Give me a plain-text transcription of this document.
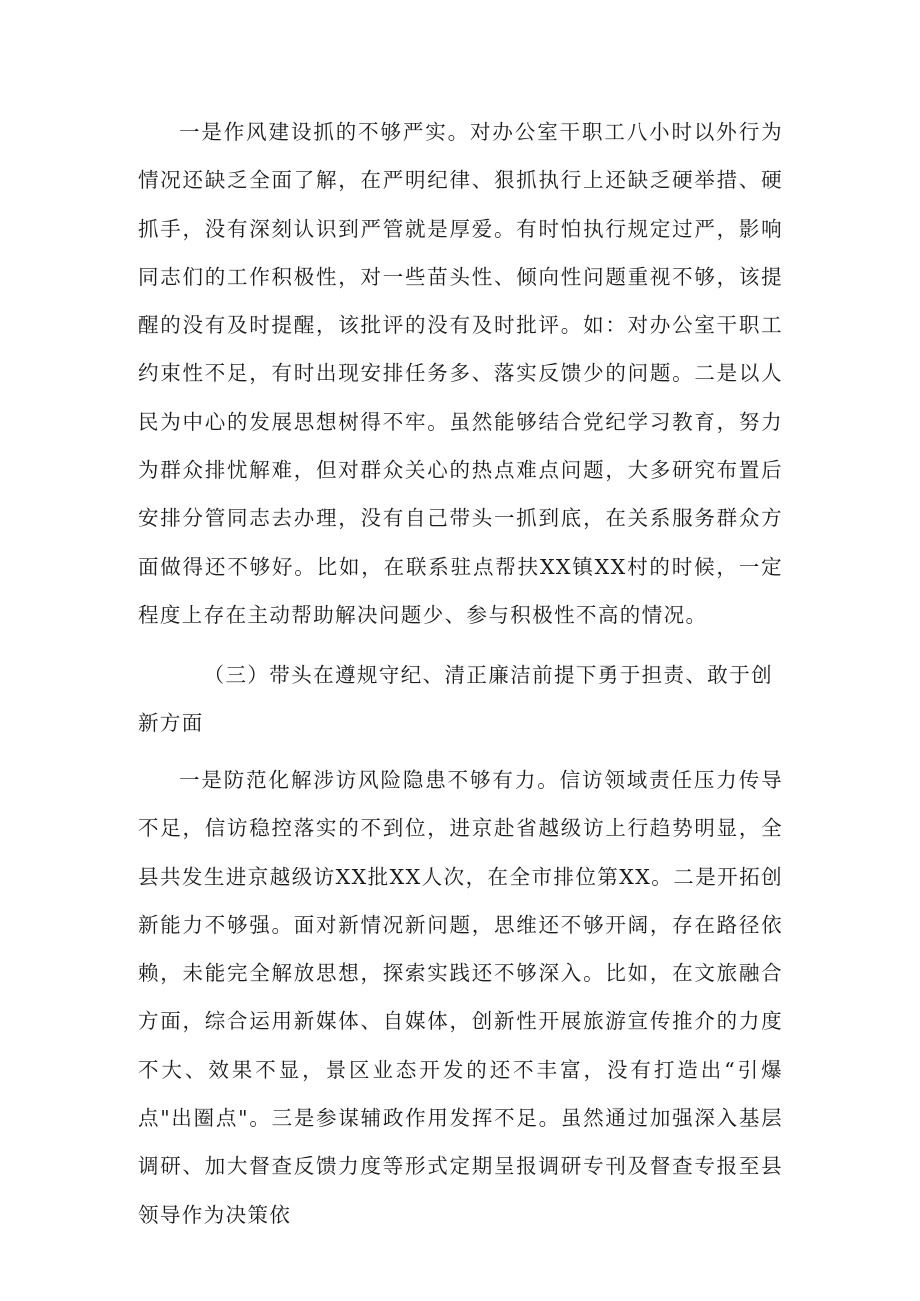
一是作风建设抓的不够严实。对办公室干职工八小时以外行为情况还缺乏全面了解，在严明纪律、狠抓执行上还缺乏硬举措、硬抓手，没有深刻认识到严管就是厚爱。有时怕执行规定过严，影响同志们的工作积极性，对一些苗头性、倾向性问题重视不够，该提醒的没有及时提醒，该批评的没有及时批评。如：对办公室干职工约束性不足，有时出现安排任务多、落实反馈少的问题。二是以人民为中心的发展思想树得不牢。虽然能够结合党纪学习教育，努力为群众排忧解难，但对群众关心的热点难点问题，大多研究布置后安排分管同志去办理，没有自己带头一抓到底，在关系服务群众方面做得还不够好。比如，在联系驻点帮扶XX镇XX村的时候，一定程度上存在主动帮助解决问题少、参与积极性不高的情况。

（三）带头在遵规守纪、清正廉洁前提下勇于担责、敢于创新方面

一是防范化解涉访风险隐患不够有力。信访领域责任压力传导不足，信访稳控落实的不到位，进京赴省越级访上行趋势明显，全县共发生进京越级访XX批XX人次，在全市排位第XX。二是开拓创新能力不够强。面对新情况新问题，思维还不够开阔，存在路径依赖，未能完全解放思想，探索实践还不够深入。比如，在文旅融合方面，综合运用新媒体、自媒体，创新性开展旅游宣传推介的力度不大、效果不显，景区业态开发的还不丰富，没有打造出“引爆点"出圈点"。三是参谋辅政作用发挥不足。虽然通过加强深入基层调研、加大督查反馈力度等形式定期呈报调研专刊及督查专报至县领导作为决策依
